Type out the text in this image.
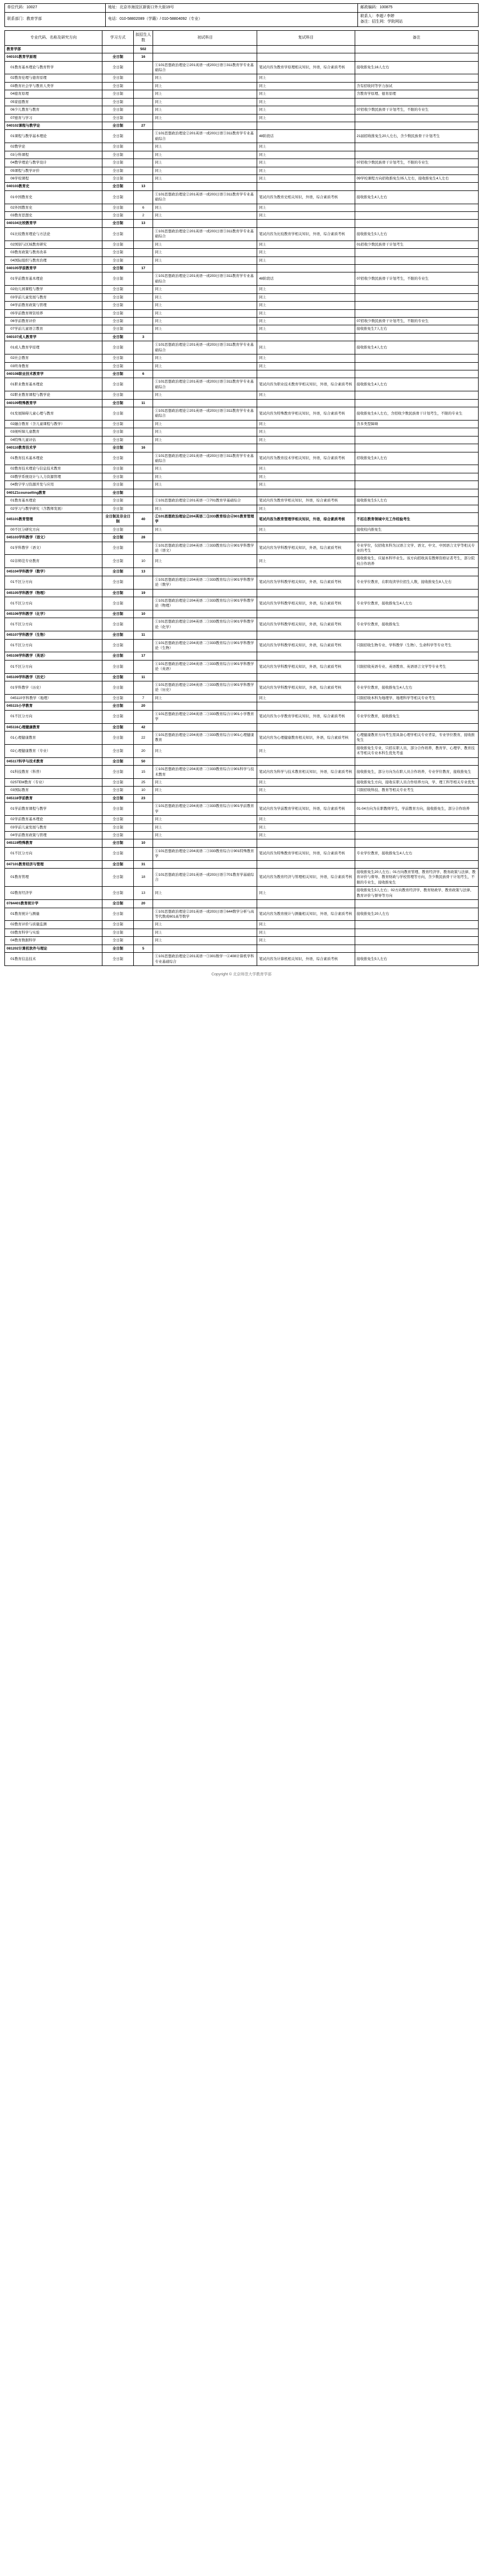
单位代码：10027	地址：北京市海淀区新街口外大街19号	邮政编码：100875
联系部门：教育学部	电话：010-58802089（学籍）/ 010-58804092（专业）	联系人：李超 / 李婷
备注：招生网：学院网站
专业代码、名称及研究方向	学习方式	拟招生人数	初试科目	复试科目	备注
教育学部		502			
040101教育学原理	全日制	16			
01教育基本理论与教育哲学	全日制		①101思想政治理论②201英语一或203日语③311教育学专业基础综合	笔试内容为教育学原理相关知识，外语，综合素质考核	接收推免生16人左右
02教育伦理与德育原理	全日制		同上	同上	
03教育社会学与教育人类学	全日制		同上	同上	含有招收同等学力加试
04德育原理	全日制		同上	同上	含教育学原理、德育原理
05家庭教育	全日制		同上	同上	
06少儿教育与教育	全日制		同上	同上	07招收少数民族骨干计划考生，不限的专业生
07德育与学习	全日制		同上	同上	
040102课程与教学论	全日制	27			
01课程与教学基本理论	全日制		①101思想政治理论②201英语一或203日语③311教育学专业基础综合	48阶段话	21届招收推免生20人左右，含少数民族骨干计划考生
02教学论	全日制		同上	同上	
03分科课程	全日制		同上	同上	
04教学理论与教学设计	全日制		同上	同上	07招收少数民族骨干计划考生，不限的专业生
05课程与教学评价	全日制		同上	同上	
06学校课程	全日制		同上	同上	09学校课程方向招收推免生05人左右，接收推免生4人左右
040103教育史	全日制	13			
01中国教育史	全日制		①101思想政治理论②201英语一或203日语③311教育学专业基础综合	笔试内容为教育史相关知识，外语，综合素质考核	接收推免生4人左右
02外国教育史	全日制	6	同上	同上	
03教育思想史	全日制	2	同上	同上	
040104比较教育学	全日制	13			
01比较教育理论与方法论	全日制		①101思想政治理论②201英语一或203日语③311教育学专业基础综合	笔试内容为比较教育学相关知识，外语，综合素质考核	接收推免生5人左右
02国别与区域教育研究	全日制		同上	同上	01招收少数民族骨干计划考生
03教育政策与教育改革	全日制		同上	同上	
04国际组织与教育治理	全日制		同上	同上	
040105学前教育学	全日制	17			
01学前教育基本理论	全日制		①101思想政治理论②201英语一或203日语③311教育学专业基础综合	48阶段话	07招收少数民族骨干计划考生，不限的专业生
02幼儿园课程与教学	全日制		同上	同上	
03学前儿童发展与教育	全日制		同上	同上	
04学前教育政策与管理	全日制		同上	同上	
05学前教育师资培养	全日制		同上	同上	
06学前教育评价	全日制		同上	同上	07招收少数民族骨干计划考生，不限的专业生
07学前儿童语言教育	全日制		同上	同上	接收推免生7人左右
040107成人教育学	全日制	3			
01成人教育学原理	全日制		①101思想政治理论②201英语一或203日语③311教育学专业基础综合	同上	接收推免生4人左右
02社会教育	全日制		同上	同上	
03终身教育	全日制		同上	同上	
040108职业技术教育学	全日制	6			
01职业教育基本理论	全日制		①101思想政治理论②201英语一或203日语③311教育学专业基础综合	笔试内容为职业技术教育学相关知识，外语，综合素质考核	接收推免生4人左右
02职业教育课程与教学论	全日制		同上	同上	
040109特殊教育学	全日制	11			
01发展障碍儿童心理与教育	全日制		①101思想政治理论②201英语一或203日语③311教育学专业基础综合	笔试内容为特殊教育学相关知识，外语，综合素质考核	接收推免生6人左右，含招收少数民族骨干计划考生，不限的专业生
02融合教育（含儿童课程与教学）	全日制		同上	同上	含多类型障碍
03视听障儿童教育	全日制		同上	同上	
04特殊儿童评估	全日制		同上	同上	
040110教育技术学	全日制	16			
01教育技术基本理论	全日制		①101思想政治理论②201英语一或203日语③311教育学专业基础综合	笔试内容为教育技术学相关知识，外语，综合素质考核	招收推免生8人左右
02教育技术理论与信息技术教育	全日制		同上	同上	
03教学系统设计与人力资源管理	全日制		同上	同上	
04数字学习资源开发与应用	全日制		同上	同上	
0401Z1counselling教育	全日制				
01教育基本理论	全日制		①101思想政治理论②201英语一③701教育学基础综合	笔试内容为教育学相关知识，外语，综合素质考核	接收推免生5人左右
02学习与教学研究（含教师发展）	全日制		同上	同上	
045101教育管理	全日制及非全日制	40	①101思想政治理论②204英语二③333教育综合④901教育管理学	笔试内容为教育管理学相关知识，外语，综合素质考核	不招在教育领域中无工作经验考生
00不区分研究方向	全日制		同上	同上	接收校内推免生
045103学科教学（语文）	全日制	28			
01学科教学（语文）	全日制		①101思想政治理论②204英语二③333教育综合④901学科教学论（语文）	笔试内容为学科教学相关知识，外语，综合素质考核	专业学位，仅招收本科为汉语言文学、语文、中文、中国语言文学等相关专业的考生
02非师范专业教育	全日制	10	同上	同上	接收推免生，应届本科毕业生。该方向招收具有教师资格证者考生，部分院校合作培养
045104学科教学（数学）	全日制	13			
01不区分方向	全日制		①101思想政治理论②204英语二③333教育综合④901学科教学论（数学）	笔试内容为学科教学相关知识，外语，综合素质考核	专业学位教育，在职攻读学位招生人数，接收推免生8人左右
045105学科教学（物理）	全日制	19			
01不区分方向	全日制		①101思想政治理论②204英语二③333教育综合④901学科教学论（物理）	笔试内容为学科教学相关知识，外语，综合素质考核	专业学位教育，接收推免生4人左右
045106学科教学（化学）	全日制	10			
01不区分方向	全日制		①101思想政治理论②204英语二③333教育综合④901学科教学论（化学）	笔试内容为学科教学相关知识，外语，综合素质考核	专业学位教育，接收推免生
045107学科教学（生物）	全日制	11			
01不区分方向	全日制		①101思想政治理论②204英语二③333教育综合④901学科教学论（生物）	笔试内容为学科教学相关知识，外语，综合素质考核	只限招收生物专业、学科教学（生物）、生命科学等专业考生
045108学科教学（英语）	全日制	17			
01不区分方向	全日制		①101思想政治理论②204英语二③333教育综合④901学科教学论（英语）	笔试内容为学科教学相关知识，外语，综合素质考核	只限招收英语专业、英语教育、英语语言文学等专业考生
045109学科教学（历史）	全日制	11			
01学科教学（历史）	全日制		①101思想政治理论②204英语二③333教育综合④901学科教学论（历史）	笔试内容为学科教学相关知识，外语，综合素质考核	专业学位教育，接收推免生4人左右
045110学科教学（地理）	全日制	7	同上	同上	只限招收本科为地理学、地理科学等相关专业考生
045115小学教育	全日制	20			
01不区分方向	全日制		①101思想政治理论②204英语二③333教育综合④901小学教育学	笔试内容为小学教育学相关知识，外语，综合素质考核	专业学位教育，接收推免生
045116心理健康教育	全日制	42			
01心理健康教育	全日制	22	①101思想政治理论②204英语二③333教育综合④901心理健康教育	笔试内容为心理健康教育相关知识，外语，综合素质考核	心理健康教育方向考生需具备心理学相关专业背景，专业学位教育，接收推免生
02心理健康教育（专业）	全日制	20	同上	同上	接收推免生专业，只招在职人员，部分合作培养，教育学、心理学、教育技术等相关专业本科生优先考虑
045117科学与技术教育	全日制	50			
01科技教育（科普）	全日制	15	①101思想政治理论②204英语二③333教育综合④901科学与技术教育	笔试内容为科学与技术教育相关知识，外语，综合素质考核	接收推免生，部分方向为在职人员合作培养，专业学位教育，接收推免生
02STEM教育（专业）	全日制	25	同上	同上	接收推免生方向，接收在职人员合作培养方向，学、理工科等相关专业优先
03国际教育	全日制	10	同上	同上	只限招收科技、教育等相关专业考生
045118学前教育	全日制	23			
01学前教育课程与教学	全日制		①101思想政治理论②204英语二③333教育综合④901学前教育学	笔试内容为学前教育学相关知识，外语，综合素质考核	01-04方向为在职教师学生，学前教育方向，接收推免生，部分合作培养
02学前教育基本理论	全日制		同上	同上	
03学前儿童发展与教育	全日制		同上	同上	
04学前教育政策与管理	全日制		同上	同上	
045119特殊教育	全日制	10			
01不区分方向	全日制		①101思想政治理论②204英语二③333教育综合④901特殊教育学	笔试内容为特殊教育学相关知识，外语，综合素质考核	专业学位教育，接收推免生4人左右
047101教育经济与管理	全日制	31			
01教育管理	全日制	18	①101思想政治理论②201英语一或203日语③701教育学基础综合	笔试内容为教育经济与管理相关知识，外语，综合素质考核	接收推免生20人左右；01方向教育管理、教育经济学、教育政策与法律、教育评价与督导、教育财政与学校管理等方向，含少数民族骨干计划考生，不限的专业生，接收推免生
02教育经济学	全日制	13	同上	同上	接收推免生5人左右；02方向教育经济学、教育财政学、教育政策与法律、教育评价与督导等方向
0784401教育统计学	全日制	20			
01教育统计与测量	全日制		①101思想政治理论②201英语一或203日语③644数学分析与高等代数或601高等数学	笔试内容为教育统计与测量相关知识，外语，综合素质考核	接收推免生20人左右
02教育评价与质量监测	全日制		同上	同上	
03教育科学与实验	全日制		同上	同上	
04教育数据科学	全日制		同上	同上	
081202计算机软件与理论	全日制	5			
01教育信息技术	全日制		①101思想政治理论②201英语一③301数学一④408计算机学科专业基础综合	笔试内容为计算机相关知识，外语，综合素质考核	接收推免生5人左右
Copyright © 北京师范大学教育学部
